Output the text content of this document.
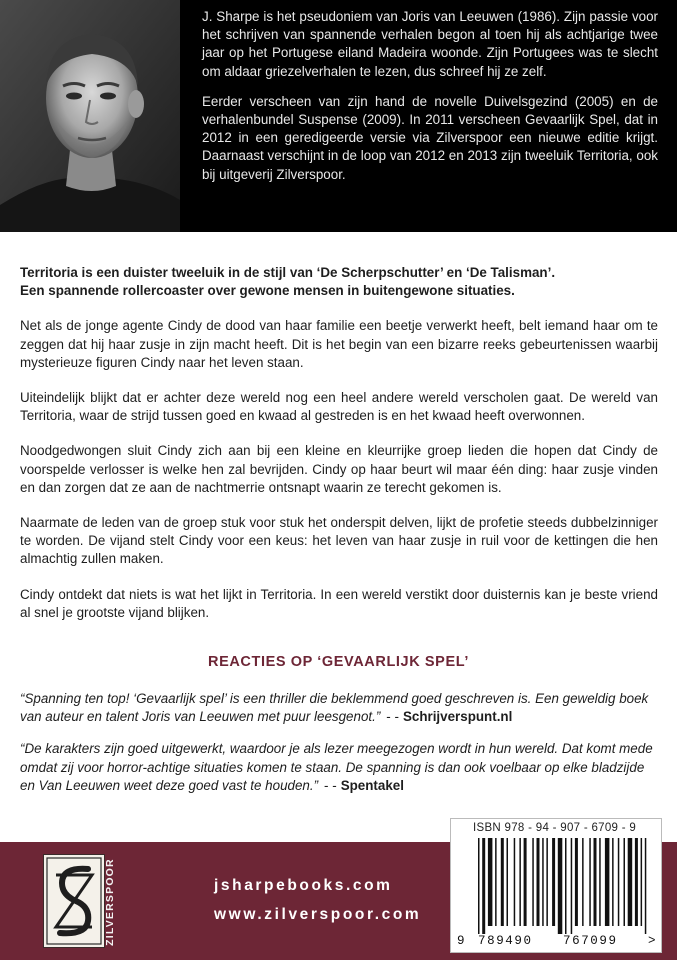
J. Sharpe is het pseudoniem van Joris van Leeuwen (1986). Zijn passie voor het schrijven van spannende verhalen begon al toen hij als achtjarige twee jaar op het Portugese eiland Madeira woonde. Zijn Portugees was te slecht om aldaar griezelverhalen te lezen, dus schreef hij ze zelf.

Eerder verscheen van zijn hand de novelle Duivelsgezind (2005) en de verhalenbundel Suspense (2009). In 2011 verscheen Gevaarlijk Spel, dat in 2012 in een geredigeerde versie via Zilverspoor een nieuwe editie krijgt. Daarnaast verschijnt in de loop van 2012 en 2013 zijn tweeluik Territoria, ook bij uitgeverij Zilverspoor.

Territoria is een duister tweeluik in de stijl van ‘De Scherpschutter’ en ‘De Talisman’.
Een spannende rollercoaster over gewone mensen in buitengewone situaties.

Net als de jonge agente Cindy de dood van haar familie een beetje verwerkt heeft, belt iemand haar om te zeggen dat hij haar zusje in zijn macht heeft. Dit is het begin van een bizarre reeks gebeurtenissen waarbij mysterieuze figuren Cindy naar het leven staan.

Uiteindelijk blijkt dat er achter deze wereld nog een heel andere wereld verscholen gaat. De wereld van Territoria, waar de strijd tussen goed en kwaad al gestreden is en het kwaad heeft overwonnen.

Noodgedwongen sluit Cindy zich aan bij een kleine en kleurrijke groep lieden die hopen dat Cindy de voorspelde verlosser is welke hen zal bevrijden. Cindy op haar beurt wil maar één ding: haar zusje vinden en dan zorgen dat ze aan de nachtmerrie ontsnapt waarin ze terecht gekomen is.

Naarmate de leden van de groep stuk voor stuk het onderspit delven, lijkt de profetie steeds dubbelzinniger te worden. De vijand stelt Cindy voor een keus: het leven van haar zusje in ruil voor de kettingen die hen almachtig zullen maken.

Cindy ontdekt dat niets is wat het lijkt in Territoria. In een wereld verstikt door duisternis kan je beste vriend al snel je grootste vijand blijken.

REACTIES OP ‘GEVAARLIJK SPEL’
“Spanning ten top! ‘Gevaarlijk spel’ is een thriller die beklemmend goed geschreven is. Een geweldig boek van auteur en talent Joris van Leeuwen met puur leesgenot.” - - Schrijverspunt.nl
“De karakters zijn goed uitgewerkt, waardoor je als lezer meegezogen wordt in hun wereld. Dat komt mede omdat zij voor horror-achtige situaties komen te staan. De spanning is dan ook voelbaar op elke bladzijde en Van Leeuwen weet deze goed vast te houden.” - - Spentakel
ZILVERSPOOR	jsharpebooks.com
www.zilverspoor.com
ISBN 978 - 94 - 907 - 6709 - 9
9 789490 767099 >
